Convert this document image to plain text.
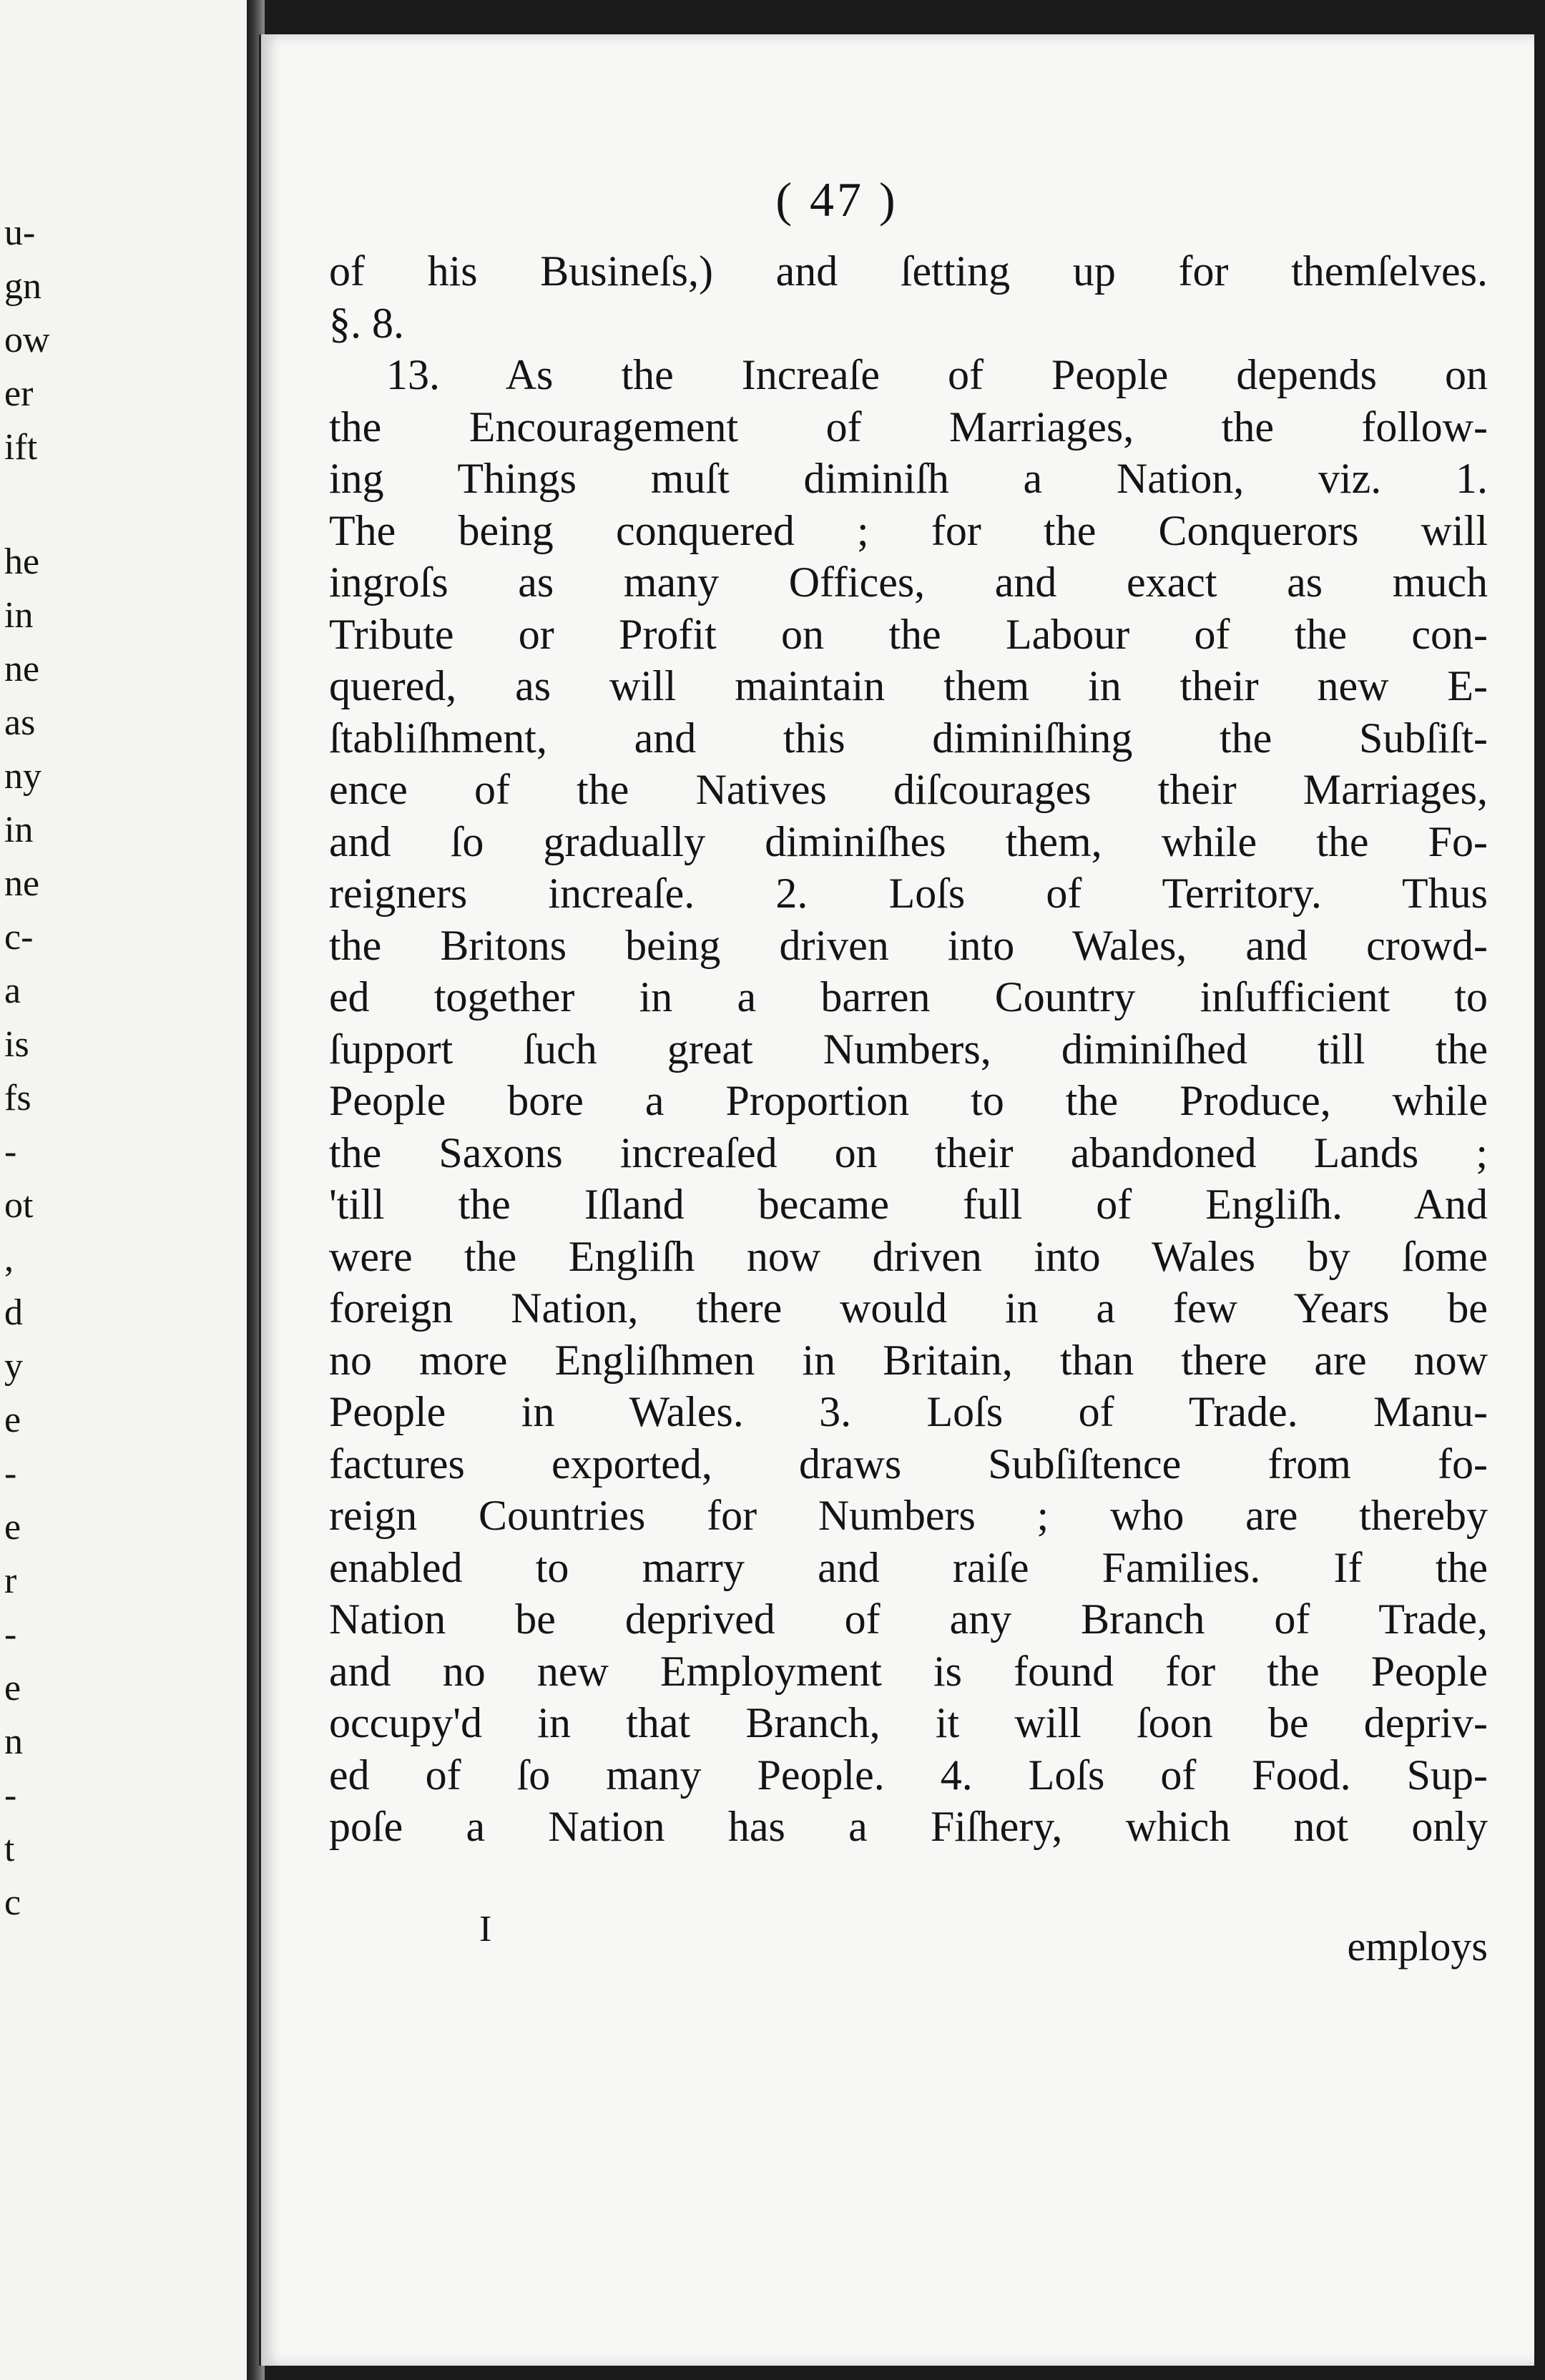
u-
gn
ow
er
ift
he
in
ne
as
ny
in
ne
c-
a
is
fs
-
ot
,
d
y
e
-
e
r
-
e
n
-
t
c
( 47 )
of his Busineſs,) and ſetting up for themſelves.
§. 8.
13. As the Increaſe of People depends on
the Encouragement of Marriages, the follow-
ing Things muſt diminiſh a Nation, viz. 1.
The being conquered ; for the Conquerors will
ingroſs as many Offices, and exact as much
Tribute or Profit on the Labour of the con-
quered, as will maintain them in their new E-
ſtabliſhment, and this diminiſhing the Subſiſt-
ence of the Natives diſcourages their Marriages,
and ſo gradually diminiſhes them, while the Fo-
reigners increaſe. 2. Loſs of Territory. Thus
the Britons being driven into Wales, and crowd-
ed together in a barren Country inſufficient to
ſupport ſuch great Numbers, diminiſhed till the
People bore a Proportion to the Produce, while
the Saxons increaſed on their abandoned Lands ;
'till the Iſland became full of Engliſh. And
were the Engliſh now driven into Wales by ſome
foreign Nation, there would in a few Years be
no more Engliſhmen in Britain, than there are now
People in Wales. 3. Loſs of Trade. Manu-
factures exported, draws Subſiſtence from fo-
reign Countries for Numbers ; who are thereby
enabled to marry and raiſe Families. If the
Nation be deprived of any Branch of Trade,
and no new Employment is found for the People
occupy'd in that Branch, it will ſoon be depriv-
ed of ſo many People. 4. Loſs of Food. Sup-
poſe a Nation has a Fiſhery, which not only
I	employs
